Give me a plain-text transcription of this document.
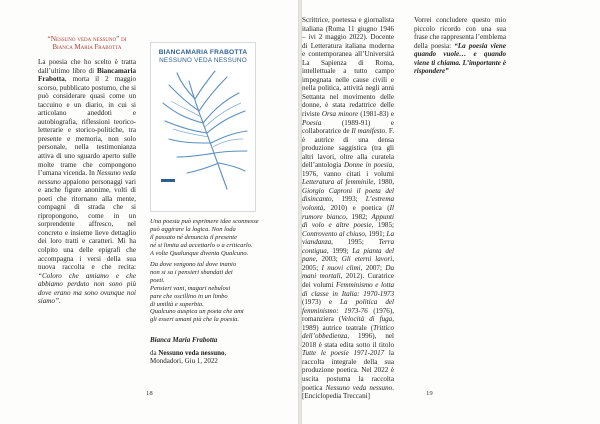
“Nessuno veda nessuno” di

Bianca Maria Frabotta

La poesia che ho scelto è tratta dall’ultimo libro di Biancamaria Frabotta, morta il 2 maggio scorso, pubblicato postumo, che si può considerare quasi come un taccuino e un diario, in cui si articolano aneddoti e autobiografia, riflessioni teorico-letterarie e storico-politiche, tra presente e memoria, non solo personale, nella testimonianza attiva di uno sguardo aperto sulle molte trame che compongono l’umana vicenda. In Nessuno veda nessuno appaiono personaggi vari e anche figure anonime, volti di poeti che ritornano alla mente, compagni di strada che si ripropongono, come in un sorprendente affresco, nel concreto e insieme lieve dettaglio dei loro tratti e caratteri. Mi ha colpito una delle epigrafi che accompagna i versi della sua nuova raccolta e che recita: “Coloro che amiamo e che abbiamo perduto non sono più dove erano ma sono ovunque noi siamo”.

BIANCAMARIA FRABOTTA
NESSUNO VEDA NESSUNO
Una poesia può esprimere idee sconnesse
può aggirare la logica. Non loda
il passato né denuncia il presente
né si limita ad accettarlo o a criticarlo.
A volte Qualunque diventa Qualcuno.
Da dove vengono tal dove inanio
non si sa i pensieri sbandati dei
poeti.
Pensieri vani, magari nebulosi
pare che oscillino in un limbo
di umiltà e superbia.
Qualcuno auspica un poeta che ami
gli esseri umani più che la poesia.
Bianca Maria Frabotta
da Nessuno veda nessuno,
Mondadori, Giu 1, 2022
18

Scrittrice, poetessa e giornalista italiana (Roma 11 giugno 1946 – ivi 2 maggio 2022). Docente di Letteratura italiana moderna e contemporanea all’Università La Sapienza di Roma, intellettuale a tutto campo impegnata nelle cause civili e nella politica, attività negli anni Settanta nel movimento delle donne, è stata redattrice delle riviste Orsa minore (1981-83) e Poesia (1989-91) e collaboratrice de Il manifesto. F. è autrice di una densa produzione saggistica (tra gli altri lavori, oltre alla curatela dell’antologia Donne in poesia, 1976, vanno citati i volumi Letteratura al femminile, 1980, Giorgio Caproni il poeta del disincanto, 1993; L’estrema volontà, 2010) e poetica (Il rumore bianco, 1982; Appunti di volo e altre poesie, 1985; Controvento al chiuso, 1991; La viandanza, 1995; Terra contigua, 1999; La pianta del pane, 2003; Gli eterni lavori, 2005; I nuovi climi, 2007; Da mani mortali, 2012). Curatrice dei volumi Femminismo e lotta di classe in Italia: 1970-1973 (1973) e La politica del femminismo: 1973-76 (1976), romanziera (Velocità di fuga, 1989) autrice teatrale (Trittico dell’obbedienza, 1996), nel 2018 è stata edita sotto il titolo Tutte le poesie 1971-2017 la raccolta integrale della sua produzione poetica. Nel 2022 è uscita postuma la raccolta poetica Nessuno veda nessuno. [Enciclopedia Treccani]

Vorrei concludere questo mio piccolo ricordo con una sua frase che rappresenta l’emblema della poesia: “La poesia viene quando vuole… e quando viene ti chiama. L’importante è rispondere”

19
